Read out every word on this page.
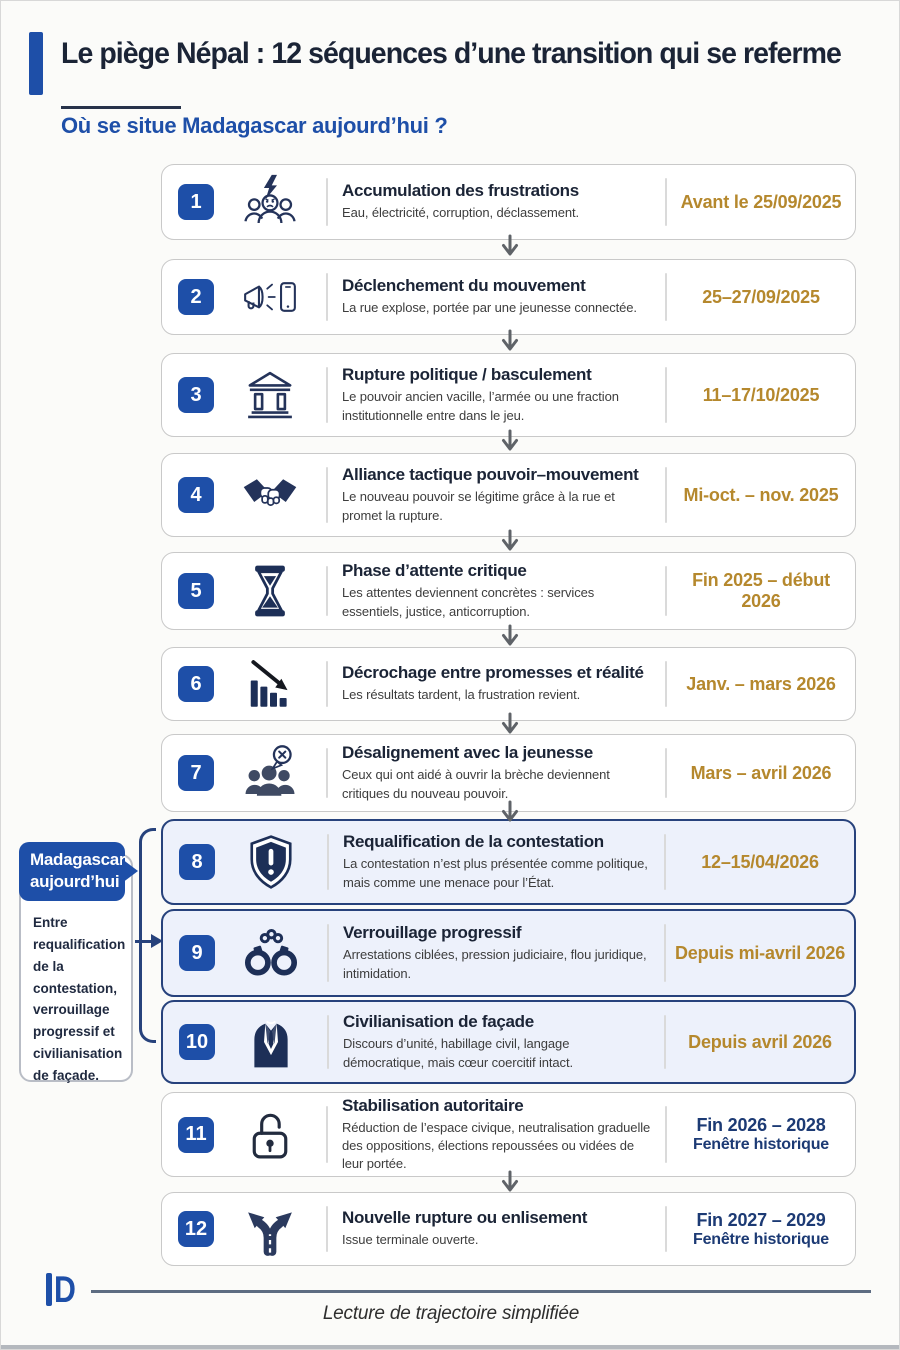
Le piège Népal : 12 séquences d’une transition qui se referme

Où se situe Madagascar aujourd’hui ?

1	Accumulation des frustrations
Eau, électricité, corruption, déclassement.
Avant le 25/09/2025
2	Déclenchement du mouvement
La rue explose, portée par une jeunesse connectée.
25–27/09/2025
3
Rupture politique / basculement
Le pouvoir ancien vacille, l’armée ou une fraction institutionnelle entre dans le jeu.
11–17/10/2025
4
Alliance tactique pouvoir–mouvement
Le nouveau pouvoir se légitime grâce à la rue et promet la rupture.
Mi-oct. – nov. 2025
5
Phase d’attente critique
Les attentes deviennent concrètes : services essentiels, justice, anticorruption.
Fin 2025 – début 2026
6	Décrochage entre promesses et réalité
Les résultats tardent, la frustration revient.
Janv. – mars 2026
7
Désalignement avec la jeunesse
Ceux qui ont aidé à ouvrir la brèche deviennent critiques du nouveau pouvoir.
Mars – avril 2026
8
Requalification de la contestation
La contestation n’est plus présentée comme politique, mais comme une menace pour l’État.
12–15/04/2026
9
Verrouillage progressif
Arrestations ciblées, pression judiciaire, flou juridique, intimidation.
Depuis mi-avril 2026
10
Civilianisation de façade
Discours d’unité, habillage civil, langage démocratique, mais cœur coercitif intact.
Depuis avril 2026
11
Stabilisation autoritaire
Réduction de l’espace civique, neutralisation graduelle des oppositions, élections repoussées ou vidées de leur portée.
Fin 2026 – 2028
Fenêtre historique
12	Nouvelle rupture ou enlisement
Issue terminale ouverte.
Fin 2027 – 2029
Fenêtre historique
Entre requalification de la contestation, verrouillage progressif et civilianisation de façade.
Madagascar aujourd’hui
D
Lecture de trajectoire simplifiée
